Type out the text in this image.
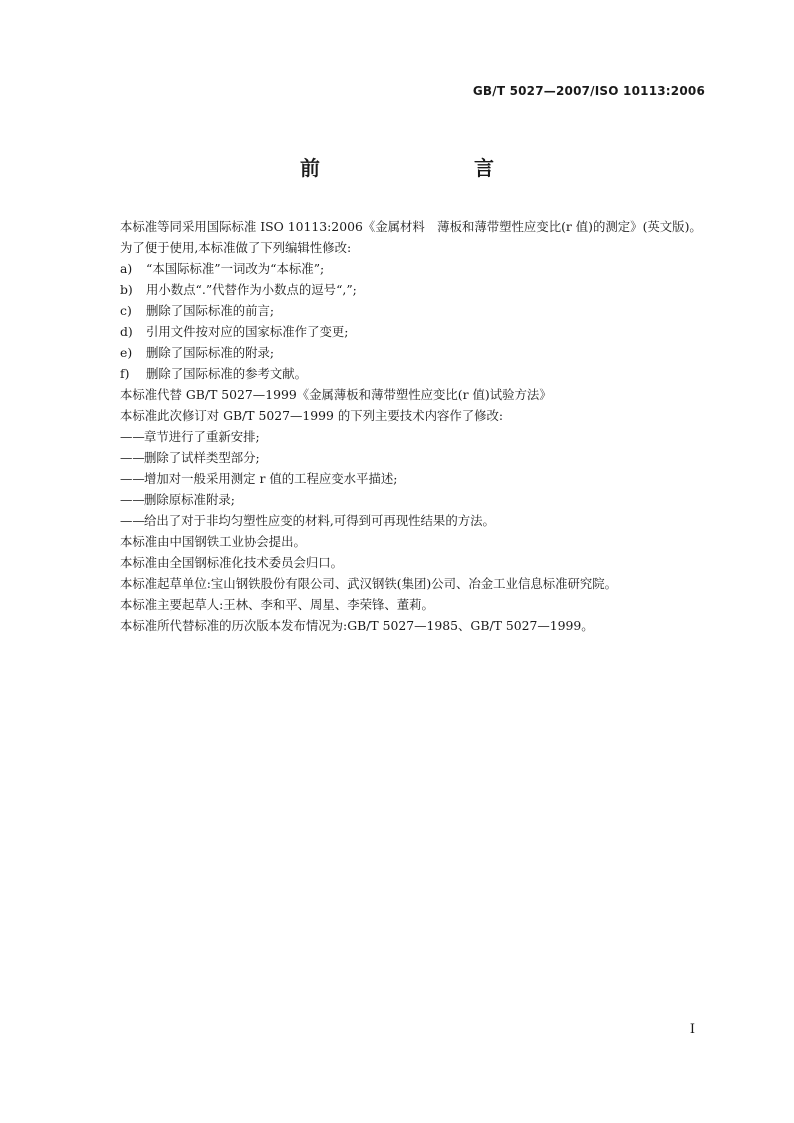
GB/T 5027—2007/ISO 10113:2006
前　　言

本标准等同采用国际标准 ISO 10113:2006《金属材料　薄板和薄带塑性应变比(r 值)的测定》(英文版)。

为了便于使用,本标准做了下列编辑性修改:

a) “本国际标准”一词改为“本标准”;

b) 用小数点“.”代替作为小数点的逗号“,”;

c) 删除了国际标准的前言;

d) 引用文件按对应的国家标准作了变更;

e) 删除了国际标准的附录;

f) 删除了国际标准的参考文献。

本标准代替 GB/T 5027—1999《金属薄板和薄带塑性应变比(r 值)试验方法》

本标准此次修订对 GB/T 5027—1999 的下列主要技术内容作了修改:

——章节进行了重新安排;

——删除了试样类型部分;

——增加对一般采用测定 r 值的工程应变水平描述;

——删除原标准附录;

——给出了对于非均匀塑性应变的材料,可得到可再现性结果的方法。

本标准由中国钢铁工业协会提出。

本标准由全国钢标准化技术委员会归口。

本标准起草单位:宝山钢铁股份有限公司、武汉钢铁(集团)公司、冶金工业信息标准研究院。

本标准主要起草人:王林、李和平、周星、李荣锋、董莉。

本标准所代替标准的历次版本发布情况为:GB/T 5027—1985、GB/T 5027—1999。

I
